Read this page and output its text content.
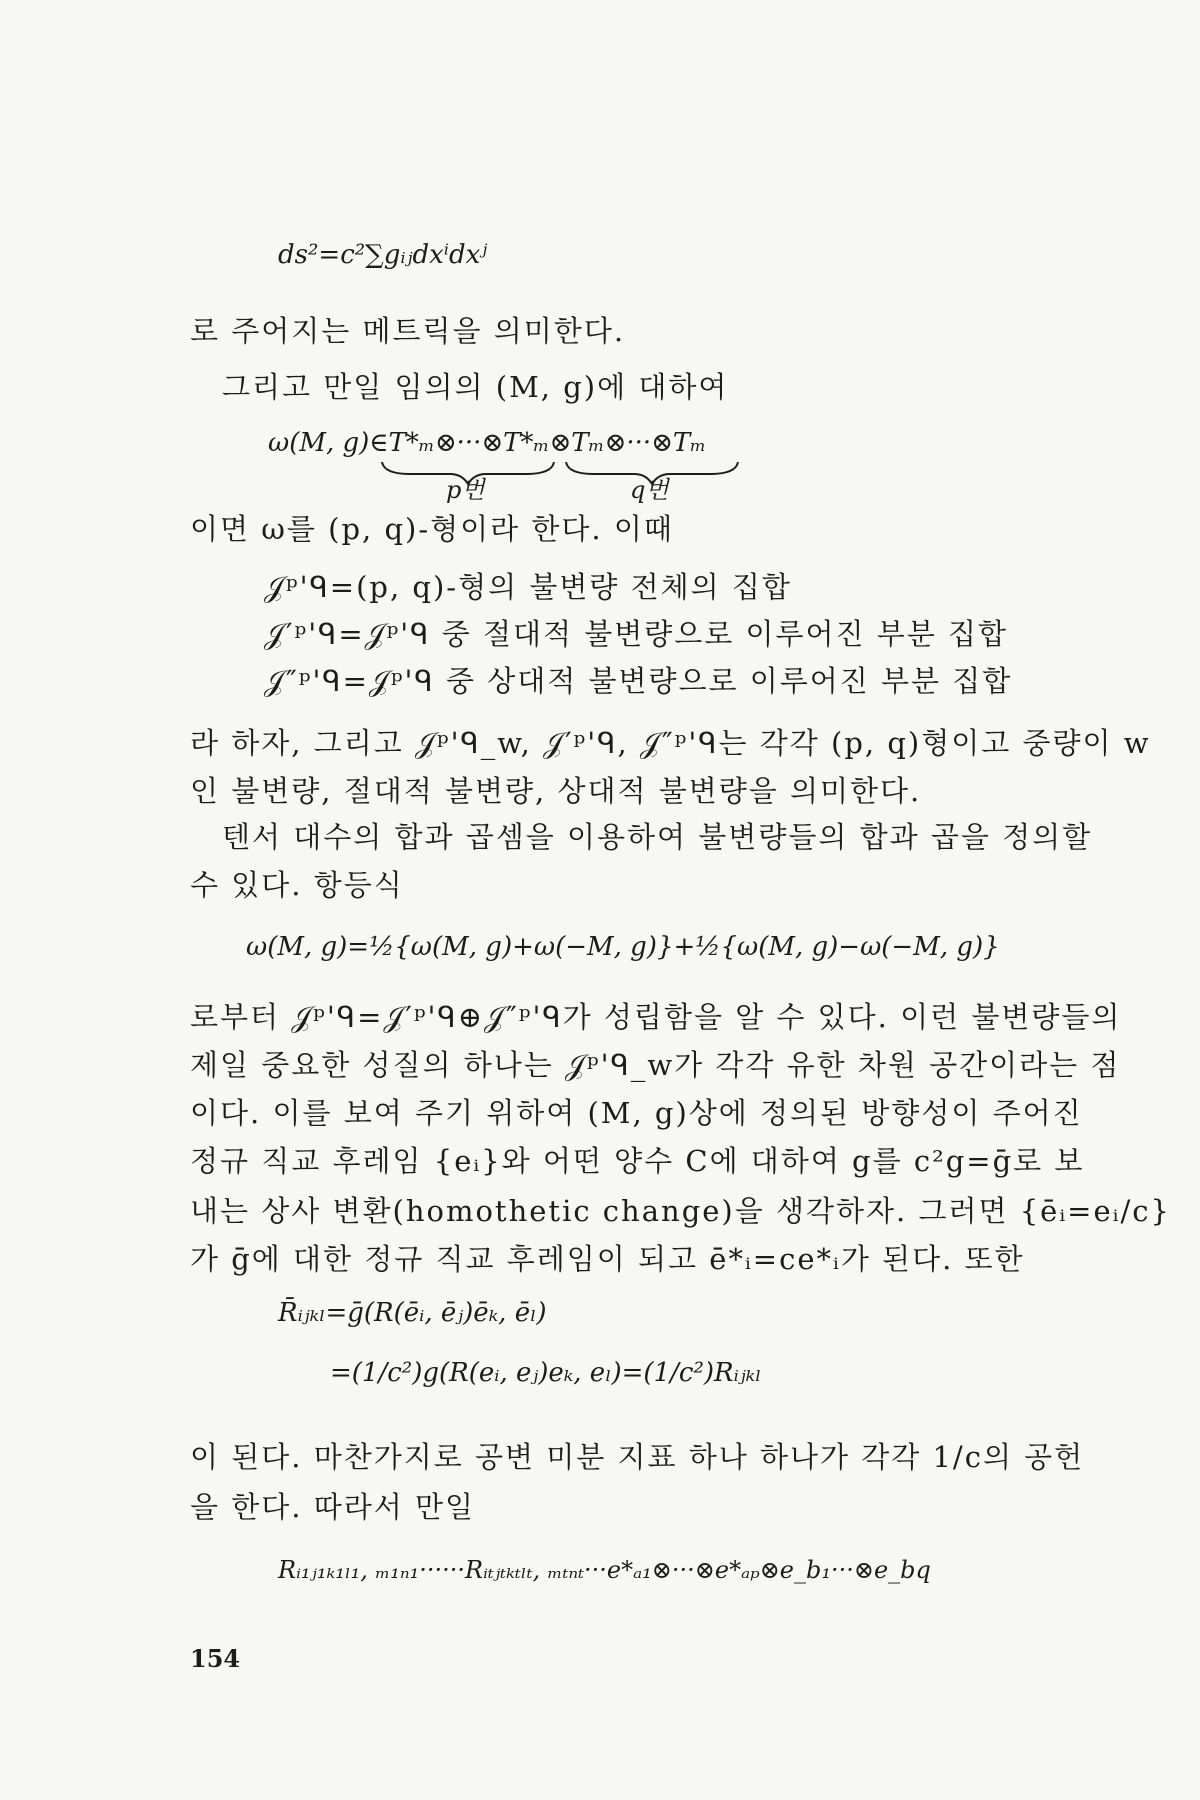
ds²=c²∑gᵢⱼdxⁱdxʲ
로 주어지는 메트릭을 의미한다.
그리고 만일 임의의 (M, g)에 대하여
ω(M, g)∈T*ₘ⊗···⊗T*ₘ⊗Tₘ⊗···⊗Tₘ
p번	q번
이면 ω를 (p, q)-형이라 한다. 이때
𝒥ᵖ'ᑫ=(p, q)-형의 불변량 전체의 집합
𝒥′ᵖ'ᑫ=𝒥ᵖ'ᑫ 중 절대적 불변량으로 이루어진 부분 집합
𝒥″ᵖ'ᑫ=𝒥ᵖ'ᑫ 중 상대적 불변량으로 이루어진 부분 집합
라 하자, 그리고 𝒥ᵖ'ᑫ_w, 𝒥′ᵖ'ᑫ, 𝒥″ᵖ'ᑫ는 각각 (p, q)형이고 중량이 w
인 불변량, 절대적 불변량, 상대적 불변량을 의미한다.
텐서 대수의 합과 곱셈을 이용하여 불변량들의 합과 곱을 정의할
수 있다. 항등식
ω(M, g)=½{ω(M, g)+ω(−M, g)}+½{ω(M, g)−ω(−M, g)}
로부터 𝒥ᵖ'ᑫ=𝒥′ᵖ'ᑫ⊕𝒥″ᵖ'ᑫ가 성립함을 알 수 있다. 이런 불변량들의
제일 중요한 성질의 하나는 𝒥ᵖ'ᑫ_w가 각각 유한 차원 공간이라는 점
이다. 이를 보여 주기 위하여 (M, g)상에 정의된 방향성이 주어진
정규 직교 후레임 {eᵢ}와 어떤 양수 C에 대하여 g를 c²g=ḡ로 보
내는 상사 변환(homothetic change)을 생각하자. 그러면 {ēᵢ=eᵢ/c}
가 ḡ에 대한 정규 직교 후레임이 되고 ē*ᵢ=ce*ᵢ가 된다. 또한
R̄ᵢⱼₖₗ=ḡ(R(ēᵢ, ēⱼ)ēₖ, ēₗ)
=(1/c²)g(R(eᵢ, eⱼ)eₖ, eₗ)=(1/c²)Rᵢⱼₖₗ
이 된다. 마찬가지로 공변 미분 지표 하나 하나가 각각 1/c의 공헌
을 한다. 따라서 만일
Rᵢ₁ⱼ₁ₖ₁ₗ₁, ₘ₁ₙ₁······Rᵢₜⱼₜₖₜₗₜ, ₘₜₙₜ···e*ₐ₁⊗···⊗e*ₐₚ⊗e_b₁···⊗e_bq
154
